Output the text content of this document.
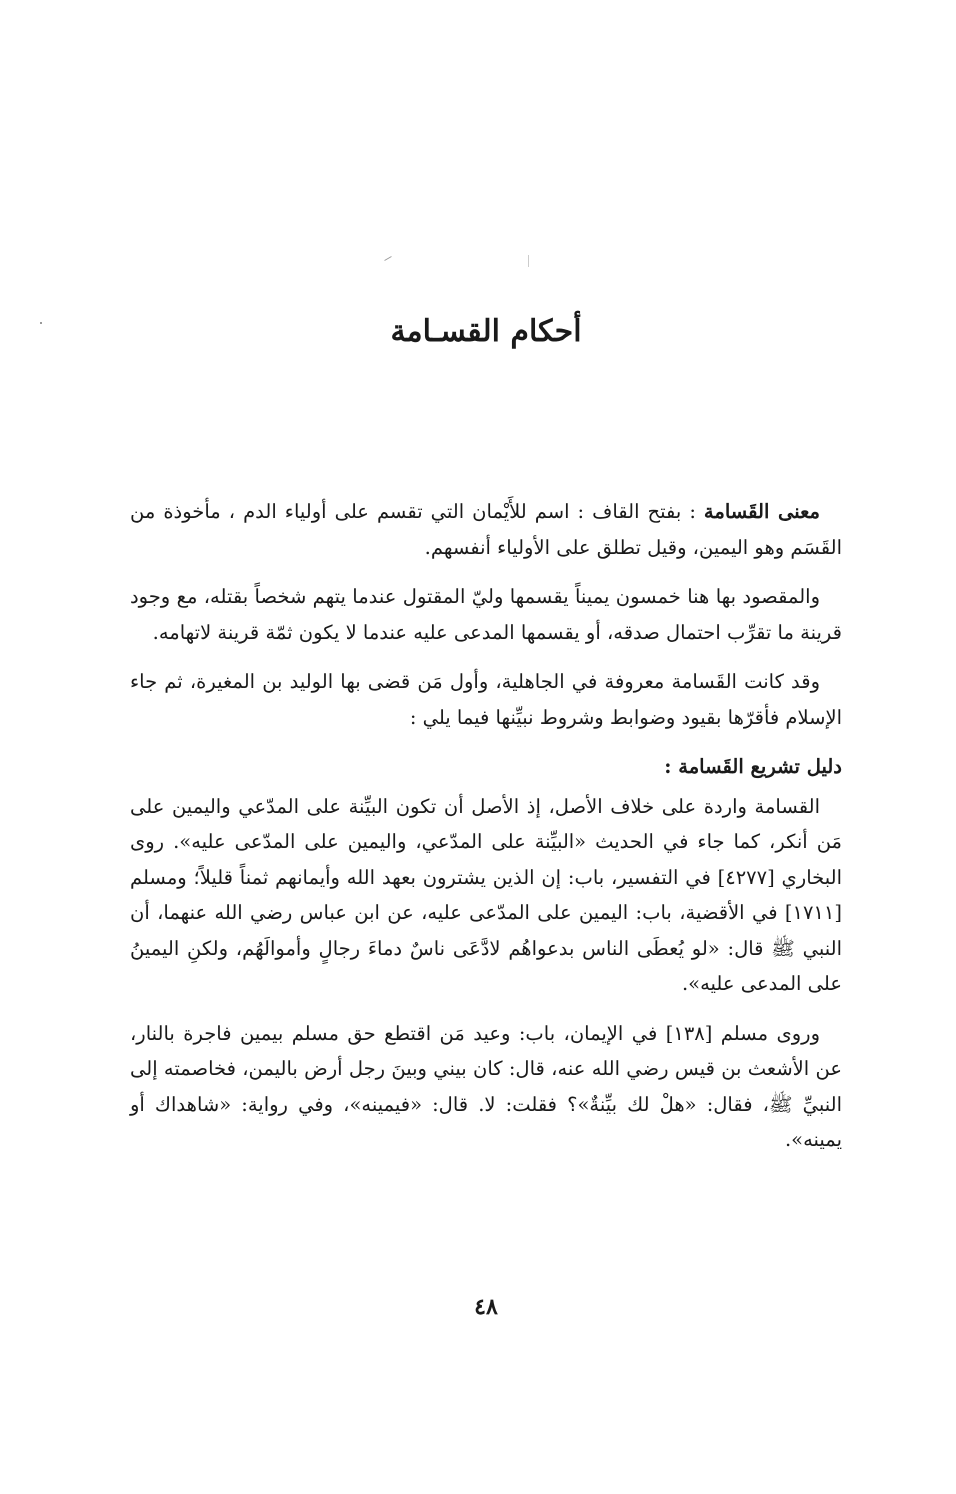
أحكام القسـامة

معنى القَسامة : بفتح القاف : اسم للأَيْمان التي تقسم على أولياء الدم ، مأخوذة من القَسَم وهو اليمين، وقيل تطلق على الأولياء أنفسهم.

والمقصود بها هنا خمسون يميناً يقسمها وليّ المقتول عندما يتهم شخصاً بقتله، مع وجود قرينة ما تقرِّب احتمال صدقه، أو يقسمها المدعى عليه عندما لا يكون ثمّة قرينة لاتهامه.

وقد كانت القَسامة معروفة في الجاهلية، وأول مَن قضى بها الوليد بن المغيرة، ثم جاء الإسلام فأقرّها بقيود وضوابط وشروط نبيِّنها فيما يلي :

دليل تشريع القَسامة :

القسامة واردة على خلاف الأصل، إذ الأصل أن تكون البيِّنة على المدّعي واليمين على مَن أنكر، كما جاء في الحديث «البيِّنة على المدّعي، واليمين على المدّعى عليه». روى البخاري [٤٢٧٧] في التفسير، باب: إن الذين يشترون بعهد الله وأيمانهم ثمناً قليلاً؛ ومسلم [١٧١١] في الأقضية، باب: اليمين على المدّعى عليه، عن ابن عباس رضي الله عنهما، أن النبي ﷺ قال: «لو يُعطَى الناس بدعواهُم لادَّعَى ناسٌ دماءَ رجالٍ وأموالَهُم، ولكنِ اليمينُ على المدعى عليه».

وروى مسلم [١٣٨] في الإيمان، باب: وعيد مَن اقتطع حق مسلم بيمين فاجرة بالنار، عن الأشعث بن قيس رضي الله عنه، قال: كان بيني وبينَ رجل أرض باليمن، فخاصمته إلى النبيِّ ﷺ، فقال: «هلْ لك بيِّنةٌ»؟ فقلت: لا. قال: «فيمينه»، وفي رواية: «شاهداك أو يمينه».

٤٨
